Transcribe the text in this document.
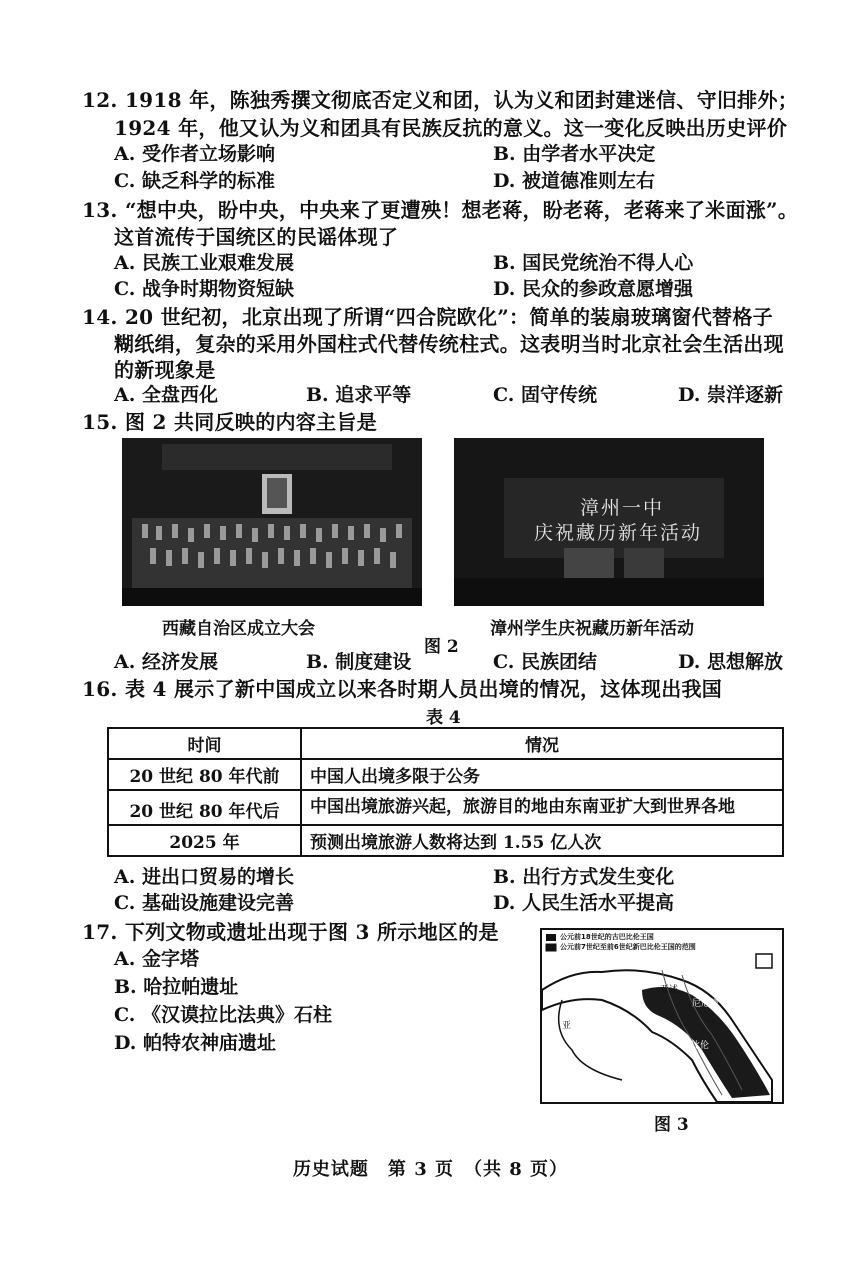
12. 1918 年，陈独秀撰文彻底否定义和团，认为义和团封建迷信、守旧排外；
1924 年，他又认为义和团具有民族反抗的意义。这一变化反映出历史评价
A. 受作者立场影响	B. 由学者水平决定
C. 缺乏科学的标准	D. 被道德准则左右
13. “想中央，盼中央，中央来了更遭殃！想老蒋，盼老蒋，老蒋来了米面涨”。
这首流传于国统区的民谣体现了
A. 民族工业艰难发展	B. 国民党统治不得人心
C. 战争时期物资短缺	D. 民众的参政意愿增强
14. 20 世纪初，北京出现了所谓“四合院欧化”：简单的装扇玻璃窗代替格子
糊纸绢，复杂的采用外国柱式代替传统柱式。这表明当时北京社会生活出现
的新现象是
A. 全盘西化	B. 追求平等	C. 固守传统	D. 崇洋逐新
15. 图 2 共同反映的内容主旨是
漳州一中
庆祝藏历新年活动
西藏自治区成立大会	漳州学生庆祝藏历新年活动
图 2
A. 经济发展	B. 制度建设	C. 民族团结	D. 思想解放
16. 表 4 展示了新中国成立以来各时期人员出境的情况，这体现出我国
表 4
时间	情况
20 世纪 80 年代前	中国人出境多限于公务
20 世纪 80 年代后	中国出境旅游兴起，旅游目的地由东南亚扩大到世界各地
2025 年	预测出境旅游人数将达到 1.55 亿人次
A. 进出口贸易的增长	B. 出行方式发生变化
C. 基础设施建设完善	D. 人民生活水平提高
17. 下列文物或遗址出现于图 3 所示地区的是
A. 金字塔
B. 哈拉帕遗址
C. 《汉谟拉比法典》石柱
D. 帕特农神庙遗址
亚述
尼尼微
巴比伦
亚
公元前18世纪的古巴比伦王国
公元前7世纪至前6世纪新巴比伦王国的范围
图 3
历史试题　第 3 页　（共 8 页）
